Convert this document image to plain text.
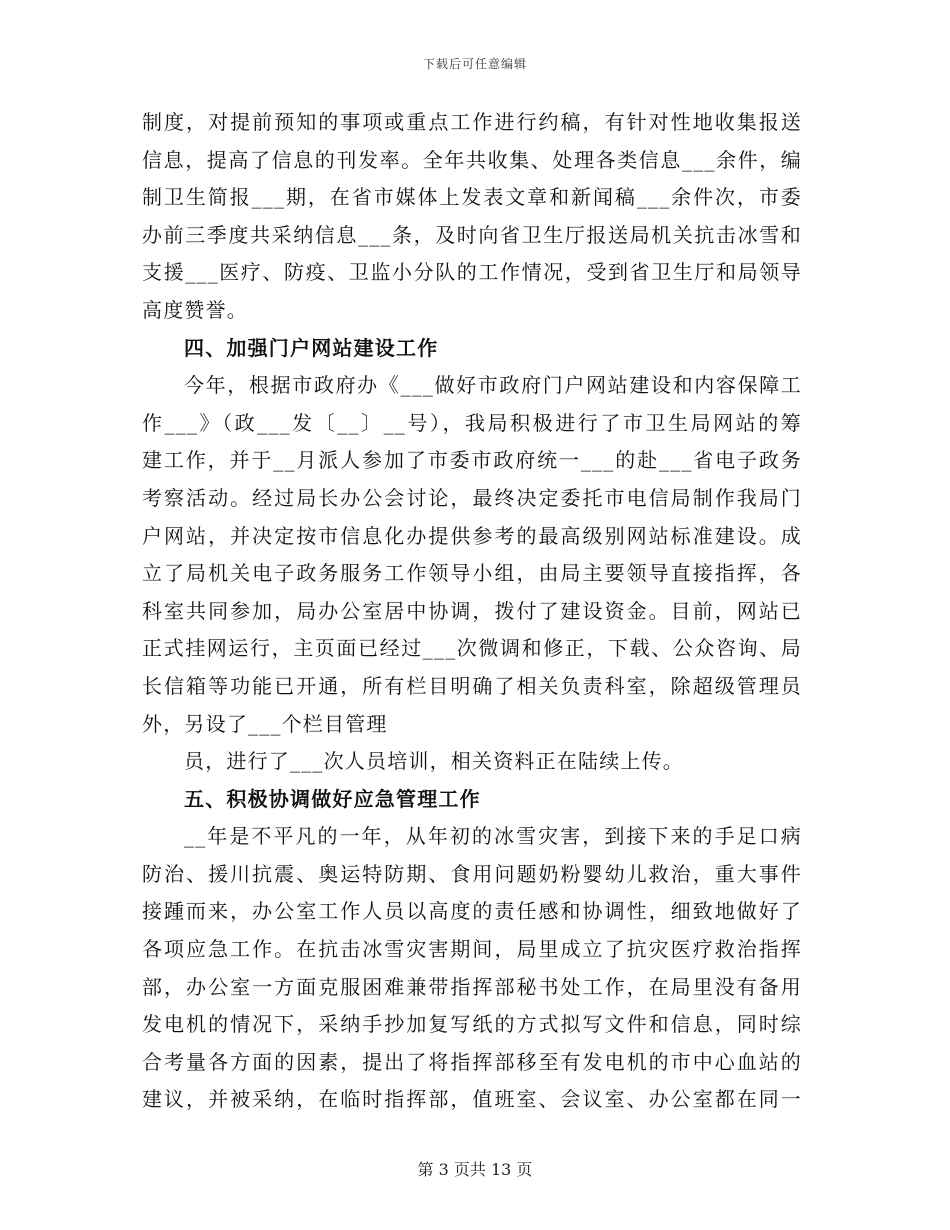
下载后可任意编辑
制度，对提前预知的事项或重点工作进行约稿，有针对性地收集报送
信息，提高了信息的刊发率。全年共收集、处理各类信息___余件，编
制卫生简报___期，在省市媒体上发表文章和新闻稿___余件次，市委
办前三季度共采纳信息___条，及时向省卫生厅报送局机关抗击冰雪和
支援___医疗、防疫、卫监小分队的工作情况，受到省卫生厅和局领导
高度赞誉。
四、加强门户网站建设工作
今年，根据市政府办《___做好市政府门户网站建设和内容保障工
作___》（政___发〔__〕__号），我局积极进行了市卫生局网站的筹
建工作，并于__月派人参加了市委市政府统一___的赴___省电子政务
考察活动。经过局长办公会讨论，最终决定委托市电信局制作我局门
户网站，并决定按市信息化办提供参考的最高级别网站标准建设。成
立了局机关电子政务服务工作领导小组，由局主要领导直接指挥，各
科室共同参加，局办公室居中协调，拨付了建设资金。目前，网站已
正式挂网运行，主页面已经过___次微调和修正，下载、公众咨询、局
长信箱等功能已开通，所有栏目明确了相关负责科室，除超级管理员
外，另设了___个栏目管理
员，进行了___次人员培训，相关资料正在陆续上传。
五、积极协调做好应急管理工作
__年是不平凡的一年，从年初的冰雪灾害，到接下来的手足口病
防治、援川抗震、奥运特防期、食用问题奶粉婴幼儿救治，重大事件
接踵而来，办公室工作人员以高度的责任感和协调性，细致地做好了
各项应急工作。在抗击冰雪灾害期间，局里成立了抗灾医疗救治指挥
部，办公室一方面克服困难兼带指挥部秘书处工作，在局里没有备用
发电机的情况下，采纳手抄加复写纸的方式拟写文件和信息，同时综
合考量各方面的因素，提出了将指挥部移至有发电机的市中心血站的
建议，并被采纳，在临时指挥部，值班室、会议室、办公室都在同一
第 3 页共 13 页
